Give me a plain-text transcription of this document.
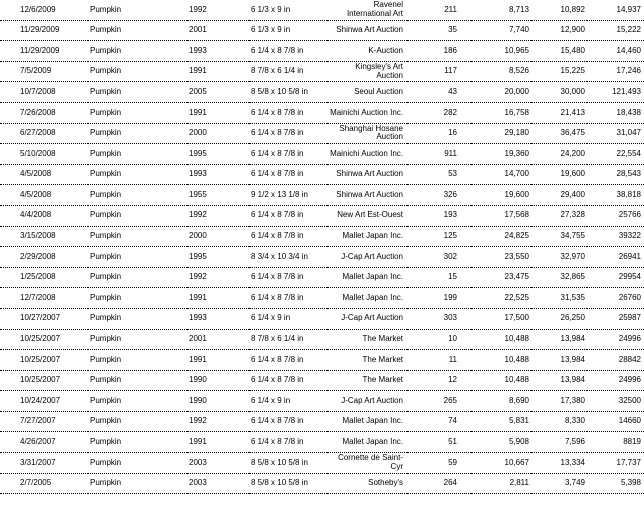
12/6/2009	Pumpkin	1992	6 1/3 x 9 in	Ravenel International Art	211	8,713	10,892	14,937
11/29/2009	Pumpkin	2001	6 1/3 x 9 in	Shinwa Art Auction	35	7,740	12,900	15,222
11/29/2009	Pumpkin	1993	6 1/4 x 8 7/8 in	K-Auction	186	10,965	15,480	14,460
7/5/2009	Pumpkin	1991	8 7/8 x 6 1/4 in	Kingsley's Art Auction	117	8,526	15,225	17,246
10/7/2008	Pumpkin	2005	8 5/8 x 10 5/8 in	Seoul Auction	43	20,000	30,000	121,493
7/26/2008	Pumpkin	1991	6 1/4 x 8 7/8 in	Mainichi Auction Inc.	282	16,758	21,413	18,438
6/27/2008	Pumpkin	2000	6 1/4 x 8 7/8 in	Shanghai Hosane Auction	16	29,180	36,475	31,047
5/10/2008	Pumpkin	1995	6 1/4 x 8 7/8 in	Mainichi Auction Inc.	911	19,360	24,200	22,554
4/5/2008	Pumpkin	1993	6 1/4 x 8 7/8 in	Shinwa Art Auction	53	14,700	19,600	28,543
4/5/2008	Pumpkin	1955	9 1/2 x 13 1/8 in	Shinwa Art Auction	326	19,600	29,400	38,818
4/4/2008	Pumpkin	1992	6 1/4 x 8 7/8 in	New Art Est-Ouest	193	17,568	27,328	25766
3/15/2008	Pumpkin	2000	6 1/4 x 8 7/8 in	Mallet Japan Inc.	125	24,825	34,755	39322
2/29/2008	Pumpkin	1995	8 3/4 x 10 3/4 in	J-Cap Art Auction	302	23,550	32,970	26941
1/25/2008	Pumpkin	1992	6 1/4 x 8 7/8 in	Mallet Japan Inc.	15	23,475	32,865	29954
12/7/2008	Pumpkin	1991	6 1/4 x 8 7/8 in	Mallet Japan Inc.	199	22,525	31,535	26760
10/27/2007	Pumpkin	1993	6 1/4 x 9 in	J-Cap Art Auction	303	17,500	26,250	25987
10/25/2007	Pumpkin	2001	8 7/8 x 6 1/4 in	The Market	10	10,488	13,984	24996
10/25/2007	Pumpkin	1991	6 1/4 x 8 7/8 in	The Market	11	10,488	13,984	28842
10/25/2007	Pumpkin	1990	6 1/4 x 8 7/8 in	The Market	12	10,488	13,984	24996
10/24/2007	Pumpkin	1990	6 1/4 x 9 in	J-Cap Art Auction	265	8,690	17,380	32500
7/27/2007	Pumpkin	1992	6 1/4 x 8 7/8 in	Mallet Japan Inc.	74	5,831	8,330	14660
4/26/2007	Pumpkin	1991	6 1/4 x 8 7/8 in	Mallet Japan Inc.	51	5,908	7,596	8819
3/31/2007	Pumpkin	2003	8 5/8 x 10 5/8 in	Cornette de Saint-Cyr	59	10,667	13,334	17,737
2/7/2005	Pumpkin	2003	8 5/8 x 10 5/8 in	Sotheby's	264	2,811	3,749	5,398
